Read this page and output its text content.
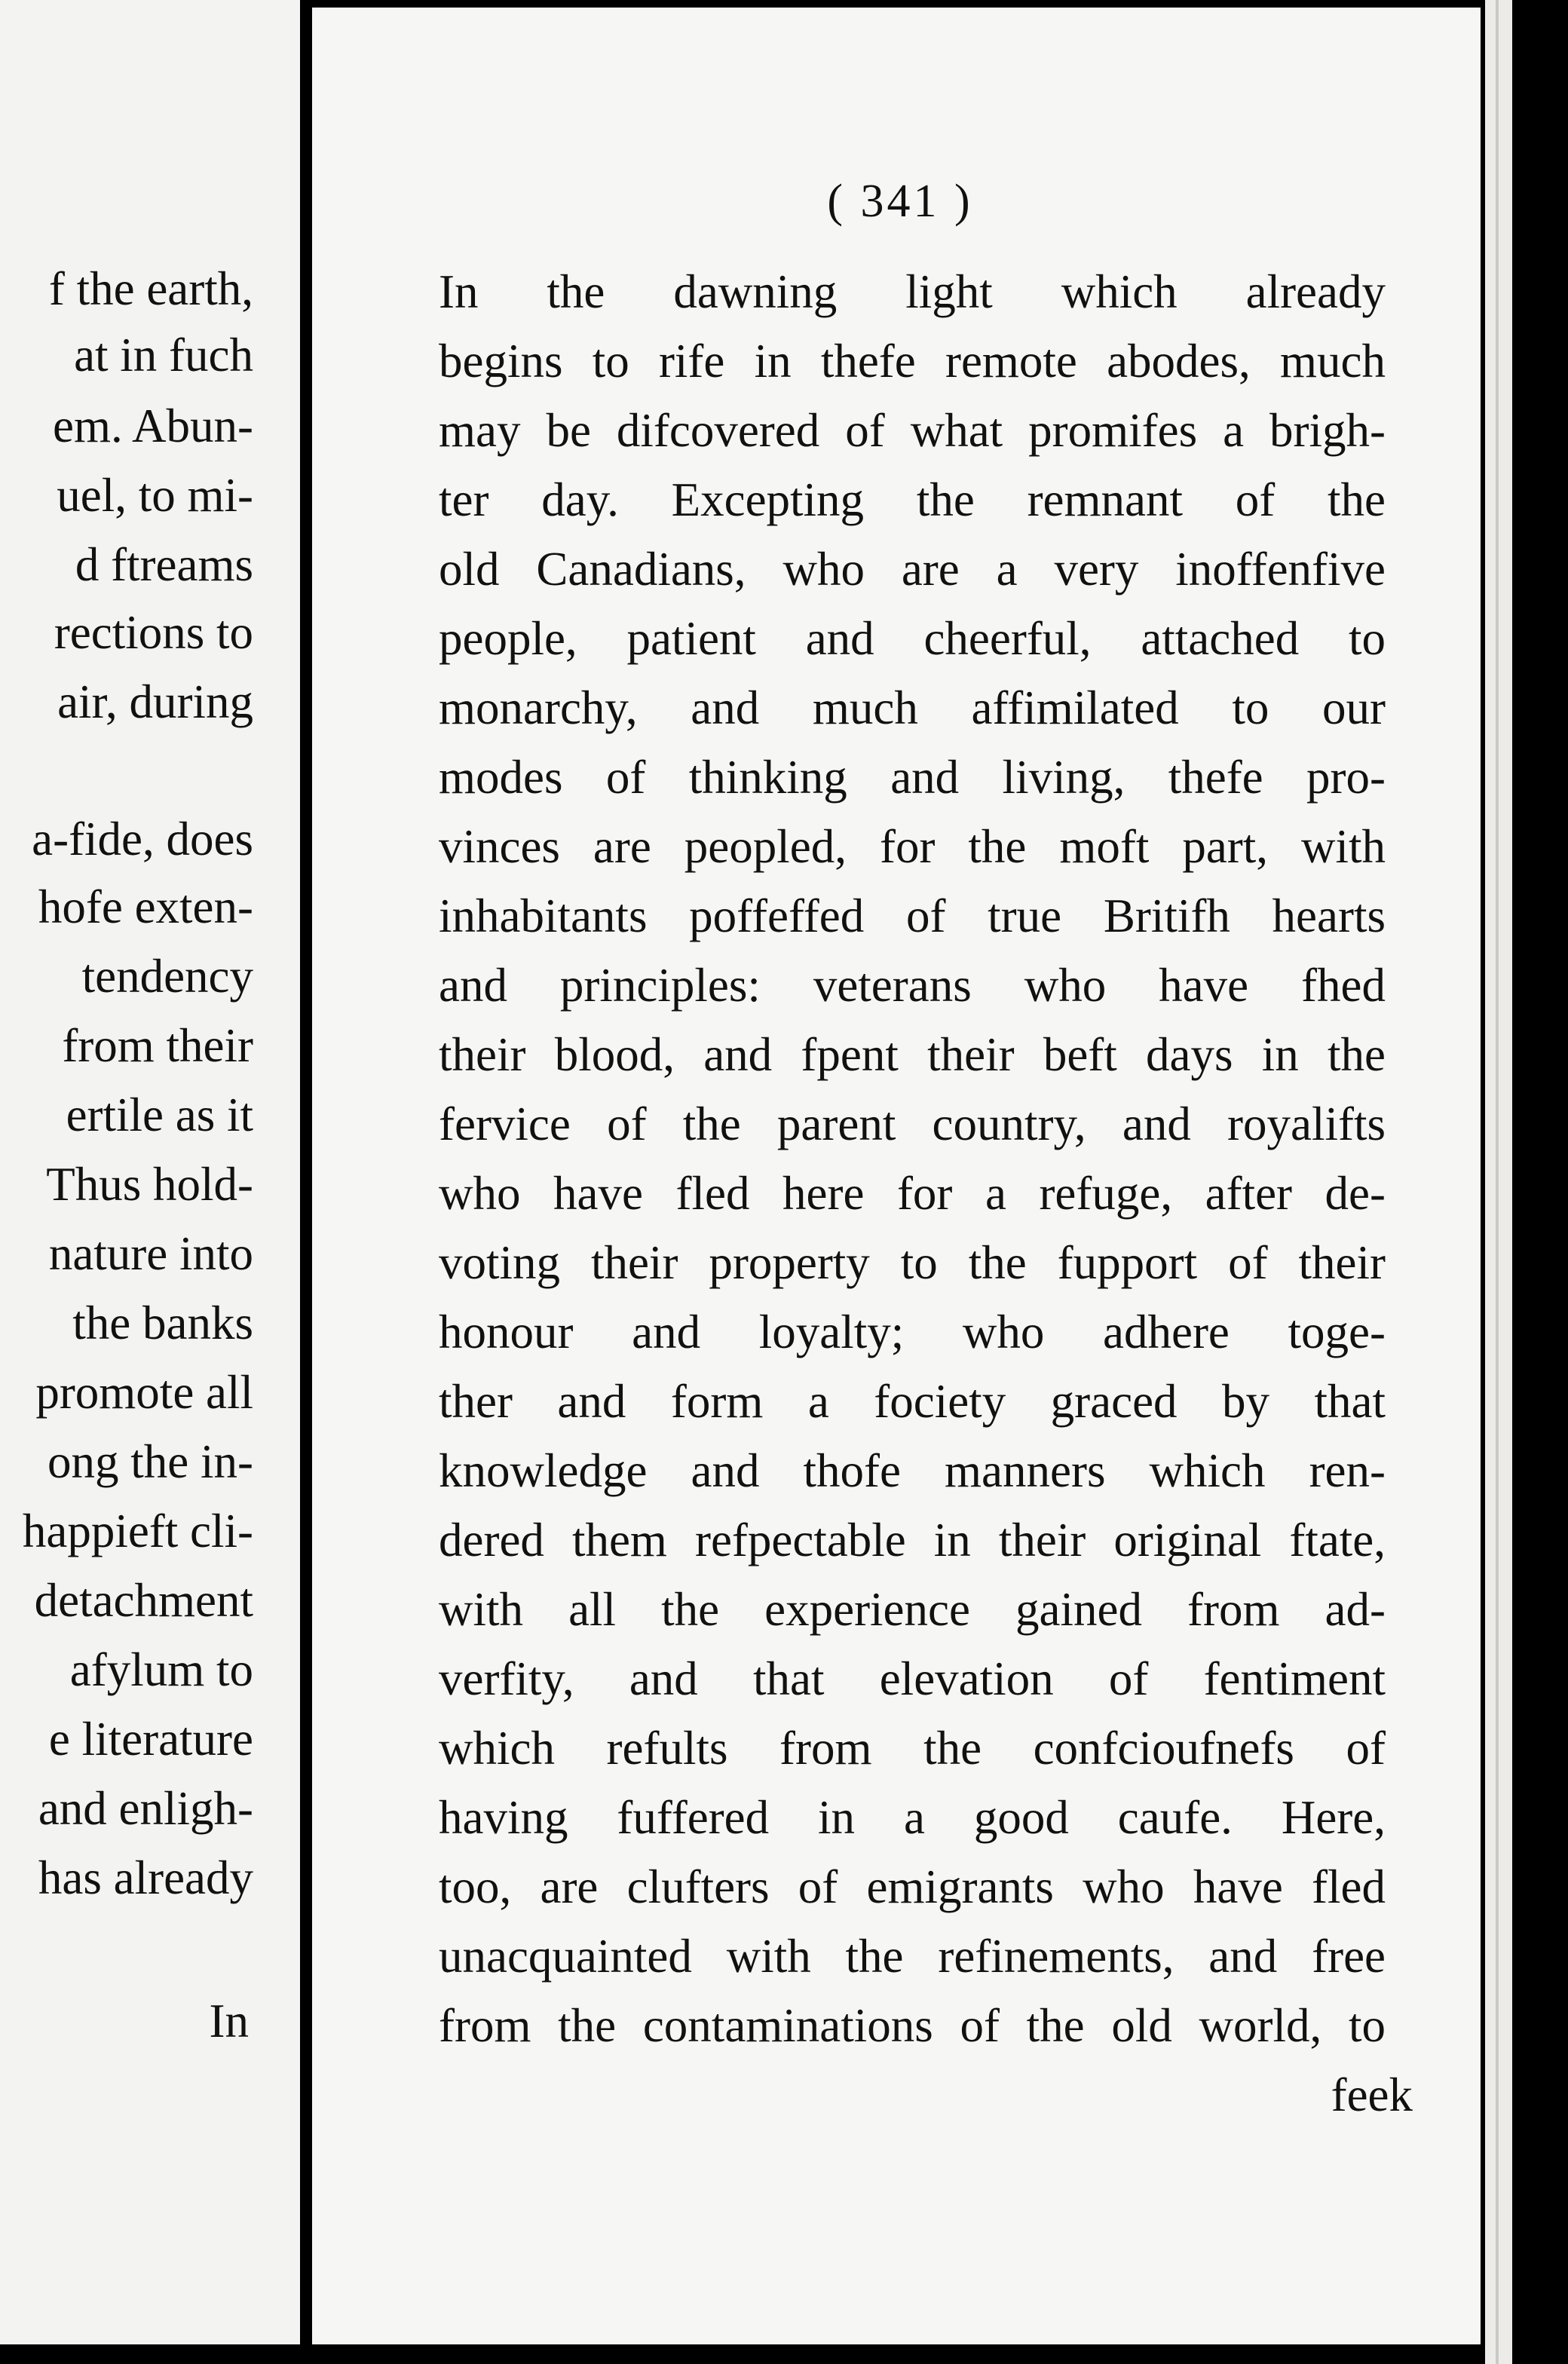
f the earth,
at in fuch
em. Abun-
uel, to mi-
d ftreams
rections to
air, during
a-fide, does
hofe exten-
tendency
from their
ertile as it
Thus hold-
nature into
the banks
promote all
ong the in-
happieft cli-
detachment
afylum to
e literature
and enligh-
has already
In
( 341 )
In the dawning light which already
begins to rife in thefe remote abodes, much
may be difcovered of what promifes a brigh-
ter day. Excepting the remnant of the
old Canadians, who are a very inoffenfive
people, patient and cheerful, attached to
monarchy, and much affimilated to our
modes of thinking and living, thefe pro-
vinces are peopled, for the moft part, with
inhabitants poffeffed of true Britifh hearts
and principles: veterans who have fhed
their blood, and fpent their beft days in the
fervice of the parent country, and royalifts
who have fled here for a refuge, after de-
voting their property to the fupport of their
honour and loyalty; who adhere toge-
ther and form a fociety graced by that
knowledge and thofe manners which ren-
dered them refpectable in their original ftate,
with all the experience gained from ad-
verfity, and that elevation of fentiment
which refults from the confcioufnefs of
having fuffered in a good caufe. Here,
too, are clufters of emigrants who have fled
unacquainted with the refinements, and free
from the contaminations of the old world, to
feek
